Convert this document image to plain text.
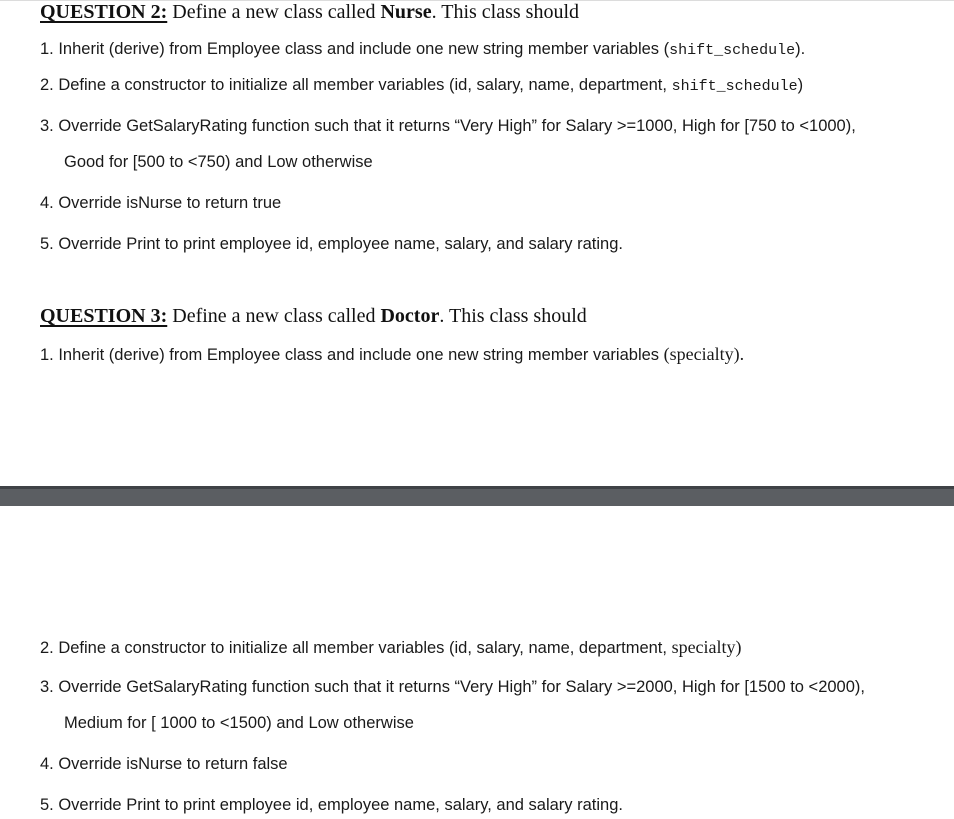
QUESTION 2: Define a new class called Nurse. This class should
1. Inherit (derive) from Employee class and include one new string member variables (shift_schedule).
2. Define a constructor to initialize all member variables (id, salary, name, department, shift_schedule)
3. Override GetSalaryRating function such that it returns “Very High” for Salary >=1000, High for [750 to <1000),
Good for [500 to <750) and Low otherwise
4. Override isNurse to return true
5. Override Print to print employee id, employee name, salary, and salary rating.
QUESTION 3: Define a new class called Doctor. This class should
1. Inherit (derive) from Employee class and include one new string member variables (specialty).
2. Define a constructor to initialize all member variables (id, salary, name, department, specialty)
3. Override GetSalaryRating function such that it returns “Very High” for Salary >=2000, High for [1500 to <2000),
Medium for [ 1000 to <1500) and Low otherwise
4. Override isNurse to return false
5. Override Print to print employee id, employee name, salary, and salary rating.
